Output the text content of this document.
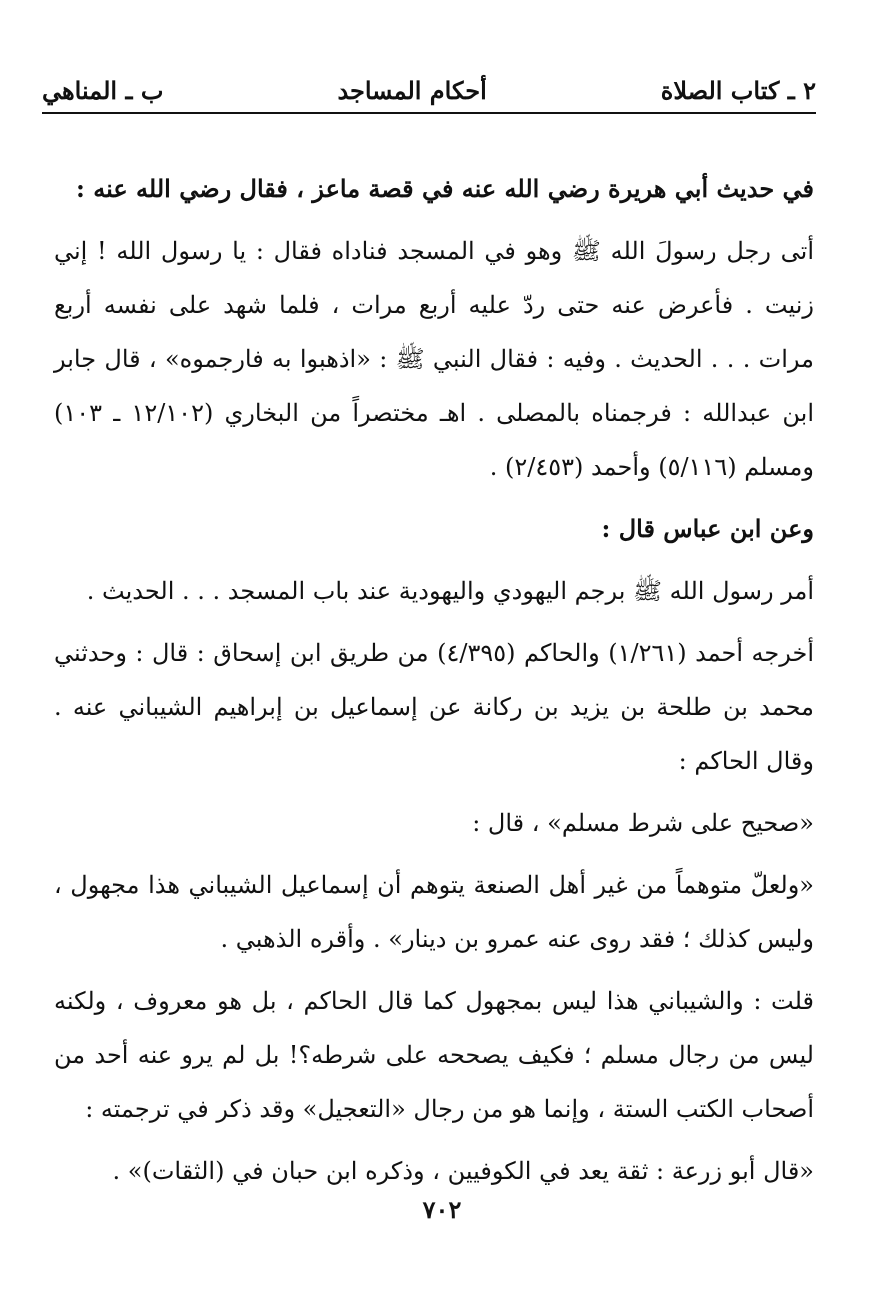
٢ ـ كتاب الصلاة
أحكام المساجد
ب ـ المناهي

في حديث أبي هريرة رضي الله عنه في قصة ماعز ، فقال رضي الله عنه :

أتى رجل رسولَ الله ﷺ وهو في المسجد فناداه فقال : يا رسول الله ! إني زنيت . فأعرض عنه حتى ردّ عليه أربع مرات ، فلما شهد على نفسه أربع مرات . . . الحديث . وفيه : فقال النبي ﷺ : «اذهبوا به فارجموه» ، قال جابر ابن عبدالله : فرجمناه بالمصلى . اهـ مختصراً من البخاري (١٢/١٠٢ ـ ١٠٣) ومسلم (٥/١١٦) وأحمد (٢/٤٥٣) .

وعن ابن عباس قال :

أمر رسول الله ﷺ برجم اليهودي واليهودية عند باب المسجد . . . الحديث .

أخرجه أحمد (١/٢٦١) والحاكم (٤/٣٩٥) من طريق ابن إسحاق : قال : وحدثني محمد بن طلحة بن يزيد بن ركانة عن إسماعيل بن إبراهيم الشيباني عنه . وقال الحاكم :

«صحيح على شرط مسلم» ، قال :

«ولعلّ متوهماً من غير أهل الصنعة يتوهم أن إسماعيل الشيباني هذا مجهول ، وليس كذلك ؛ فقد روى عنه عمرو بن دينار» . وأقره الذهبي .

قلت : والشيباني هذا ليس بمجهول كما قال الحاكم ، بل هو معروف ، ولكنه ليس من رجال مسلم ؛ فكيف يصححه على شرطه؟! بل لم يرو عنه أحد من أصحاب الكتب الستة ، وإنما هو من رجال «التعجيل» وقد ذكر في ترجمته :

«قال أبو زرعة : ثقة يعد في الكوفيين ، وذكره ابن حبان في (الثقات)» .

٧٠٢
